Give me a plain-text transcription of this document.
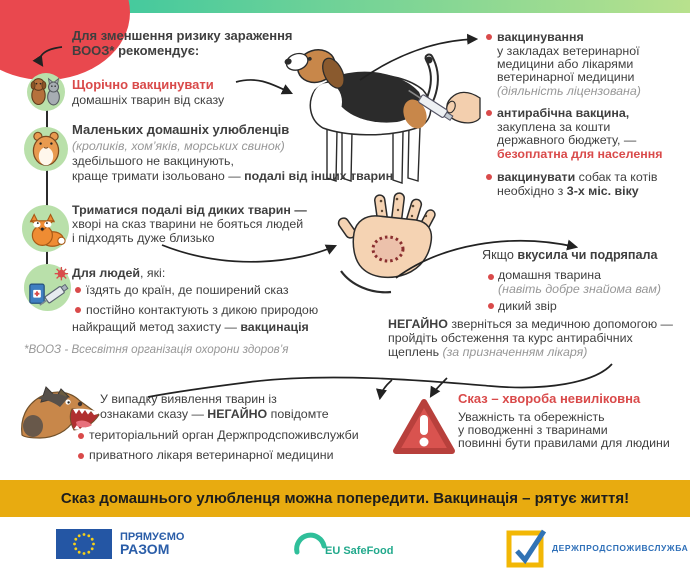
Для зменшення ризику зараження
ВООЗ* рекомендує:
Щорічно вакцинувати
домашніх тварин від сказу
Маленьких домашніх улюбленців
(кроликів, хом’яків, морських свинок)
здебільшого не вакцинують,
краще тримати ізольовано — подалі від інших тварин
Триматися подалі від диких тварин —
хворі на сказ тварини не бояться людей
і підходять дуже близько
Для людей, які:
їздять до країн, де поширений сказ
постійно контактують з дикою природою
найкращий метод захисту — вакцинація
*ВООЗ - Всесвітня організація охорони здоров’я
вакцинування
у закладах ветеринарної
медицини або лікарями
ветеринарної медицини
(діяльність ліцензована)
антирабічна вакцина,
закуплена за кошти
державного бюджету, —
безоплатна для населення
вакцинувати собак та котів
необхідно з 3-х міс. віку
Якщо вкусила чи подряпала
домашня тварина
(навіть добре знайома вам)
дикий звір
НЕГАЙНО зверніться за медичною допомогою —
пройдіть обстеження та курс антирабічних
щеплень (за призначенням лікаря)
У випадку виявлення тварин із
ознаками сказу — НЕГАЙНО повідомте
територіальний орган Держпродспоживслужби
приватного лікаря ветеринарної медицини
Сказ – хвороба невиліковна
Уважність та обережність
у поводженні з тваринами
повинні бути правилами для людини
Сказ домашнього улюбленця можна попередити. Вакцинація – рятує життя!
ПРЯМУЄМО
РАЗОМ	EU SafeFood	ДЕРЖПРОДСПОЖИВСЛУЖБА
